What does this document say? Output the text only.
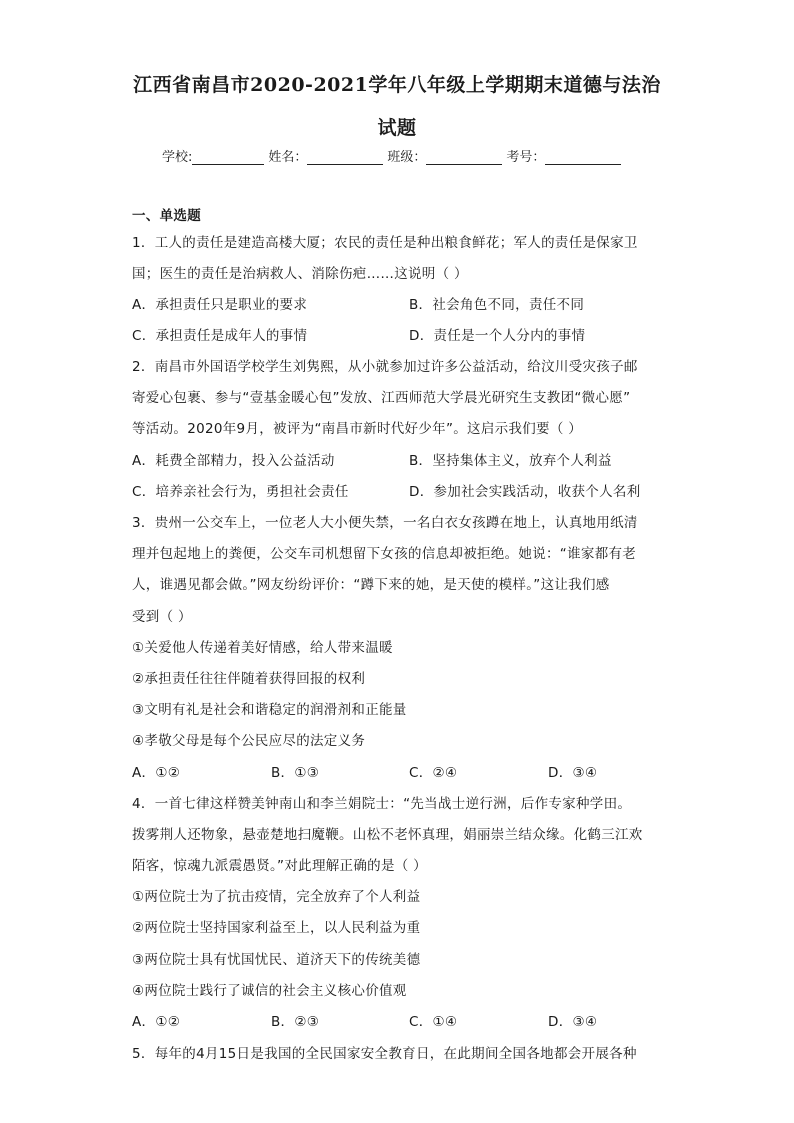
江西省南昌市2020-2021学年八年级上学期期末道德与法治
试题
学校:	姓名：	班级：	考号：
一、单选题
1．工人的责任是建造高楼大厦；农民的责任是种出粮食鲜花；军人的责任是保家卫
国；医生的责任是治病救人、消除伤疤……这说明（ ）
A．承担责任只是职业的要求	B．社会角色不同，责任不同
C．承担责任是成年人的事情	D．责任是一个人分内的事情
2．南昌市外国语学校学生刘隽熙，从小就参加过许多公益活动，给汶川受灾孩子邮
寄爱心包裹、参与“壹基金暖心包”发放、江西师范大学晨光研究生支教团“微心愿”
等活动。2020年9月，被评为“南昌市新时代好少年”。这启示我们要（ ）
A．耗费全部精力，投入公益活动	B．坚持集体主义，放弃个人利益
C．培养亲社会行为，勇担社会责任	D．参加社会实践活动，收获个人名利
3．贵州一公交车上，一位老人大小便失禁，一名白衣女孩蹲在地上，认真地用纸清
理并包起地上的粪便，公交车司机想留下女孩的信息却被拒绝。她说：“谁家都有老
人，谁遇见都会做。”网友纷纷评价：“蹲下来的她，是天使的模样。”这让我们感
受到（ ）
①关爱他人传递着美好情感，给人带来温暖
②承担责任往往伴随着获得回报的权利
③文明有礼是社会和谐稳定的润滑剂和正能量
④孝敬父母是每个公民应尽的法定义务
A．①②	B．①③	C．②④	D．③④
4．一首七律这样赞美钟南山和李兰娟院士：“先当战士逆行洲，后作专家种学田。
拨雾荆人还物象，悬壶楚地扫魔鞭。山松不老怀真理，娟丽崇兰结众缘。化鹤三江欢
陌客，惊魂九派震愚贤。”对此理解正确的是（ ）
①两位院士为了抗击疫情，完全放弃了个人利益
②两位院士坚持国家利益至上，以人民利益为重
③两位院士具有忧国忧民、道济天下的传统美德
④两位院士践行了诚信的社会主义核心价值观
A．①②	B．②③	C．①④	D．③④
5．每年的4月15日是我国的全民国家安全教育日，在此期间全国各地都会开展各种
